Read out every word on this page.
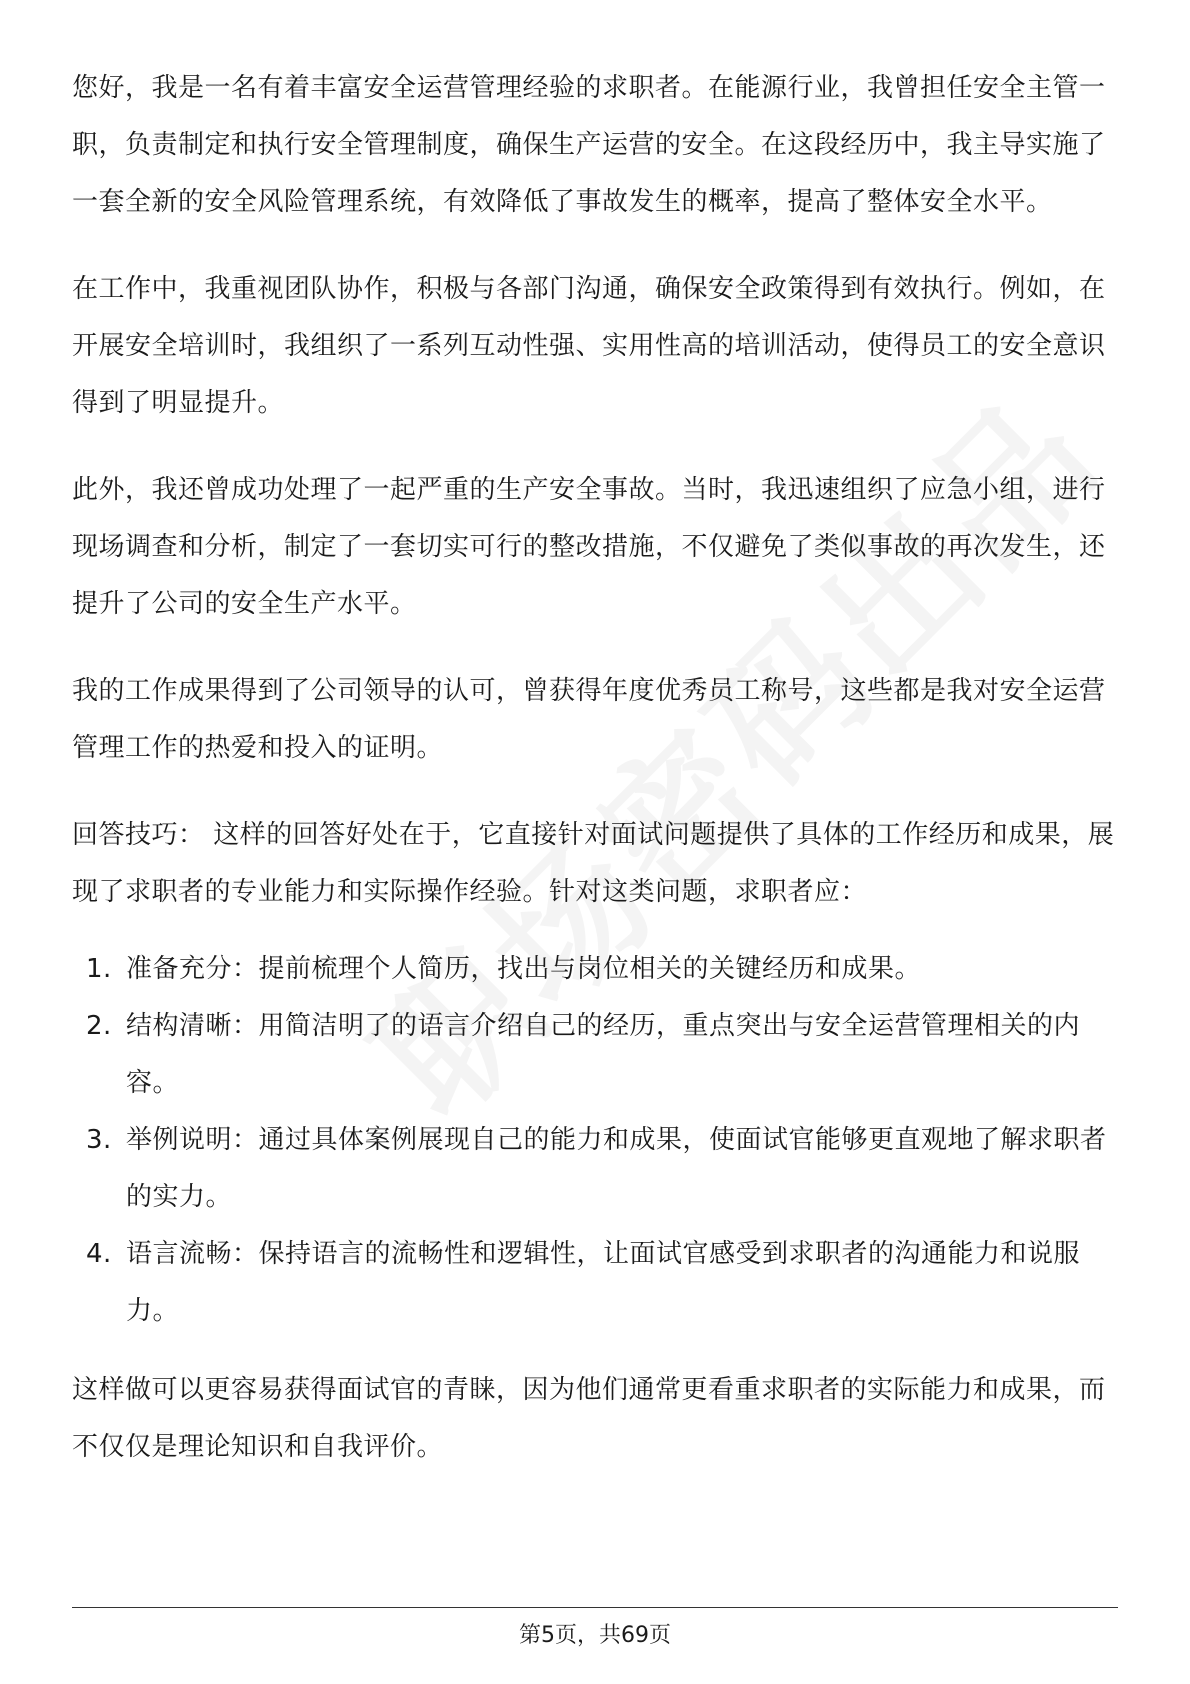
您好，我是一名有着丰富安全运营管理经验的求职者。在能源行业，我曾担任安全主管一职，负责制定和执行安全管理制度，确保生产运营的安全。在这段经历中，我主导实施了一套全新的安全风险管理系统，有效降低了事故发生的概率，提高了整体安全水平。

在工作中，我重视团队协作，积极与各部门沟通，确保安全政策得到有效执行。例如，在开展安全培训时，我组织了一系列互动性强、实用性高的培训活动，使得员工的安全意识得到了明显提升。

此外，我还曾成功处理了一起严重的生产安全事故。当时，我迅速组织了应急小组，进行现场调查和分析，制定了一套切实可行的整改措施，不仅避免了类似事故的再次发生，还提升了公司的安全生产水平。

我的工作成果得到了公司领导的认可，曾获得年度优秀员工称号，这些都是我对安全运营管理工作的热爱和投入的证明。

回答技巧： 这样的回答好处在于，它直接针对面试问题提供了具体的工作经历和成果，展现了求职者的专业能力和实际操作经验。针对这类问题，求职者应：

1. 准备充分：提前梳理个人简历，找出与岗位相关的关键经历和成果。
2. 结构清晰：用简洁明了的语言介绍自己的经历，重点突出与安全运营管理相关的内容。
3. 举例说明：通过具体案例展现自己的能力和成果，使面试官能够更直观地了解求职者的实力。
4. 语言流畅：保持语言的流畅性和逻辑性，让面试官感受到求职者的沟通能力和说服力。

这样做可以更容易获得面试官的青睐，因为他们通常更看重求职者的实际能力和成果，而不仅仅是理论知识和自我评价。

第5页，共69页
